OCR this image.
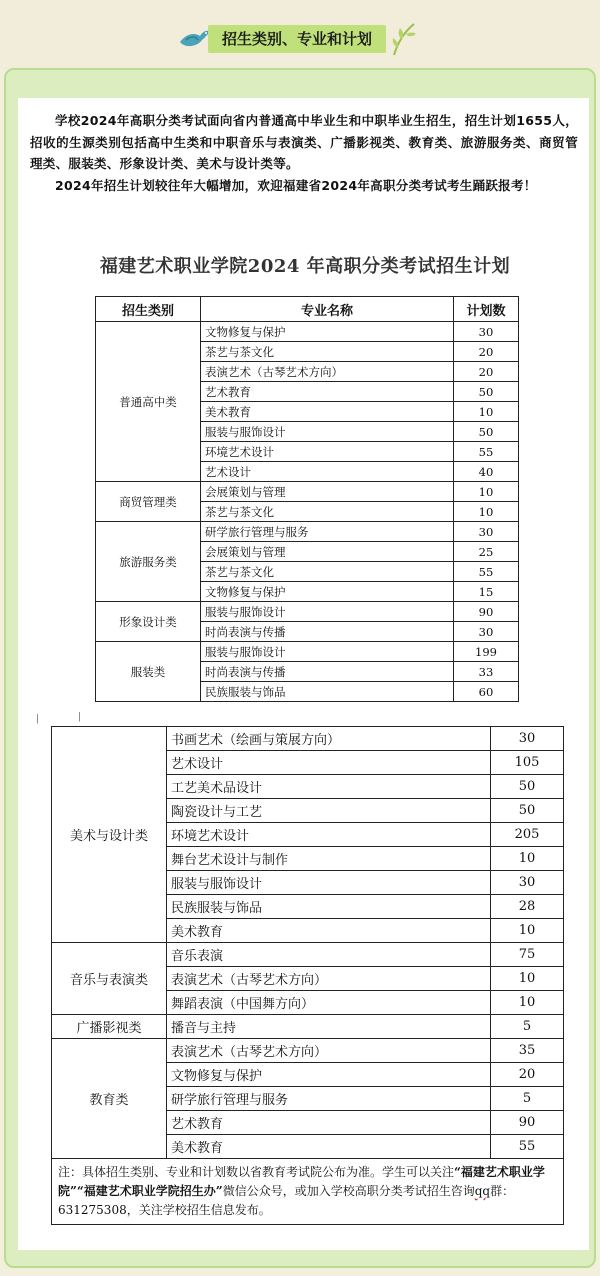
招生类别、专业和计划

学校2024年高职分类考试面向省内普通高中毕业生和中职毕业生招生，招生计划1655人，招收的生源类别包括高中生类和中职音乐与表演类、广播影视类、教育类、旅游服务类、商贸管理类、服装类、形象设计类、美术与设计类等。

2024年招生计划较往年大幅增加，欢迎福建省2024年高职分类考试考生踊跃报考！

福建艺术职业学院2024 年高职分类考试招生计划
招生类别	专业名称	计划数
普通高中类	文物修复与保护	30
	茶艺与茶文化	20
	表演艺术（古琴艺术方向）	20
	艺术教育	50
	美术教育	10
	服装与服饰设计	50
	环境艺术设计	55
	艺术设计	40
商贸管理类	会展策划与管理	10
	茶艺与茶文化	10
旅游服务类	研学旅行管理与服务	30
	会展策划与管理	25
	茶艺与茶文化	55
	文物修复与保护	15
形象设计类	服装与服饰设计	90
	时尚表演与传播	30
服装类	服装与服饰设计	199
	时尚表演与传播	33
	民族服装与饰品	60
|	|
美术与设计类	书画艺术（绘画与策展方向）	30
	艺术设计	105
	工艺美术品设计	50
	陶瓷设计与工艺	50
	环境艺术设计	205
	舞台艺术设计与制作	10
	服装与服饰设计	30
	民族服装与饰品	28
	美术教育	10
音乐与表演类	音乐表演	75
	表演艺术（古琴艺术方向）	10
	舞蹈表演（中国舞方向）	10
广播影视类	播音与主持	5
教育类	表演艺术（古琴艺术方向）	35
	文物修复与保护	20
	研学旅行管理与服务	5
	艺术教育	90
	美术教育	55
注：具体招生类别、专业和计划数以省教育考试院公布为准。学生可以关注“福建艺术职业学院”“福建艺术职业学院招生办”微信公众号，或加入学校高职分类考试招生咨询qq群：631275308，关注学校招生信息发布。		
